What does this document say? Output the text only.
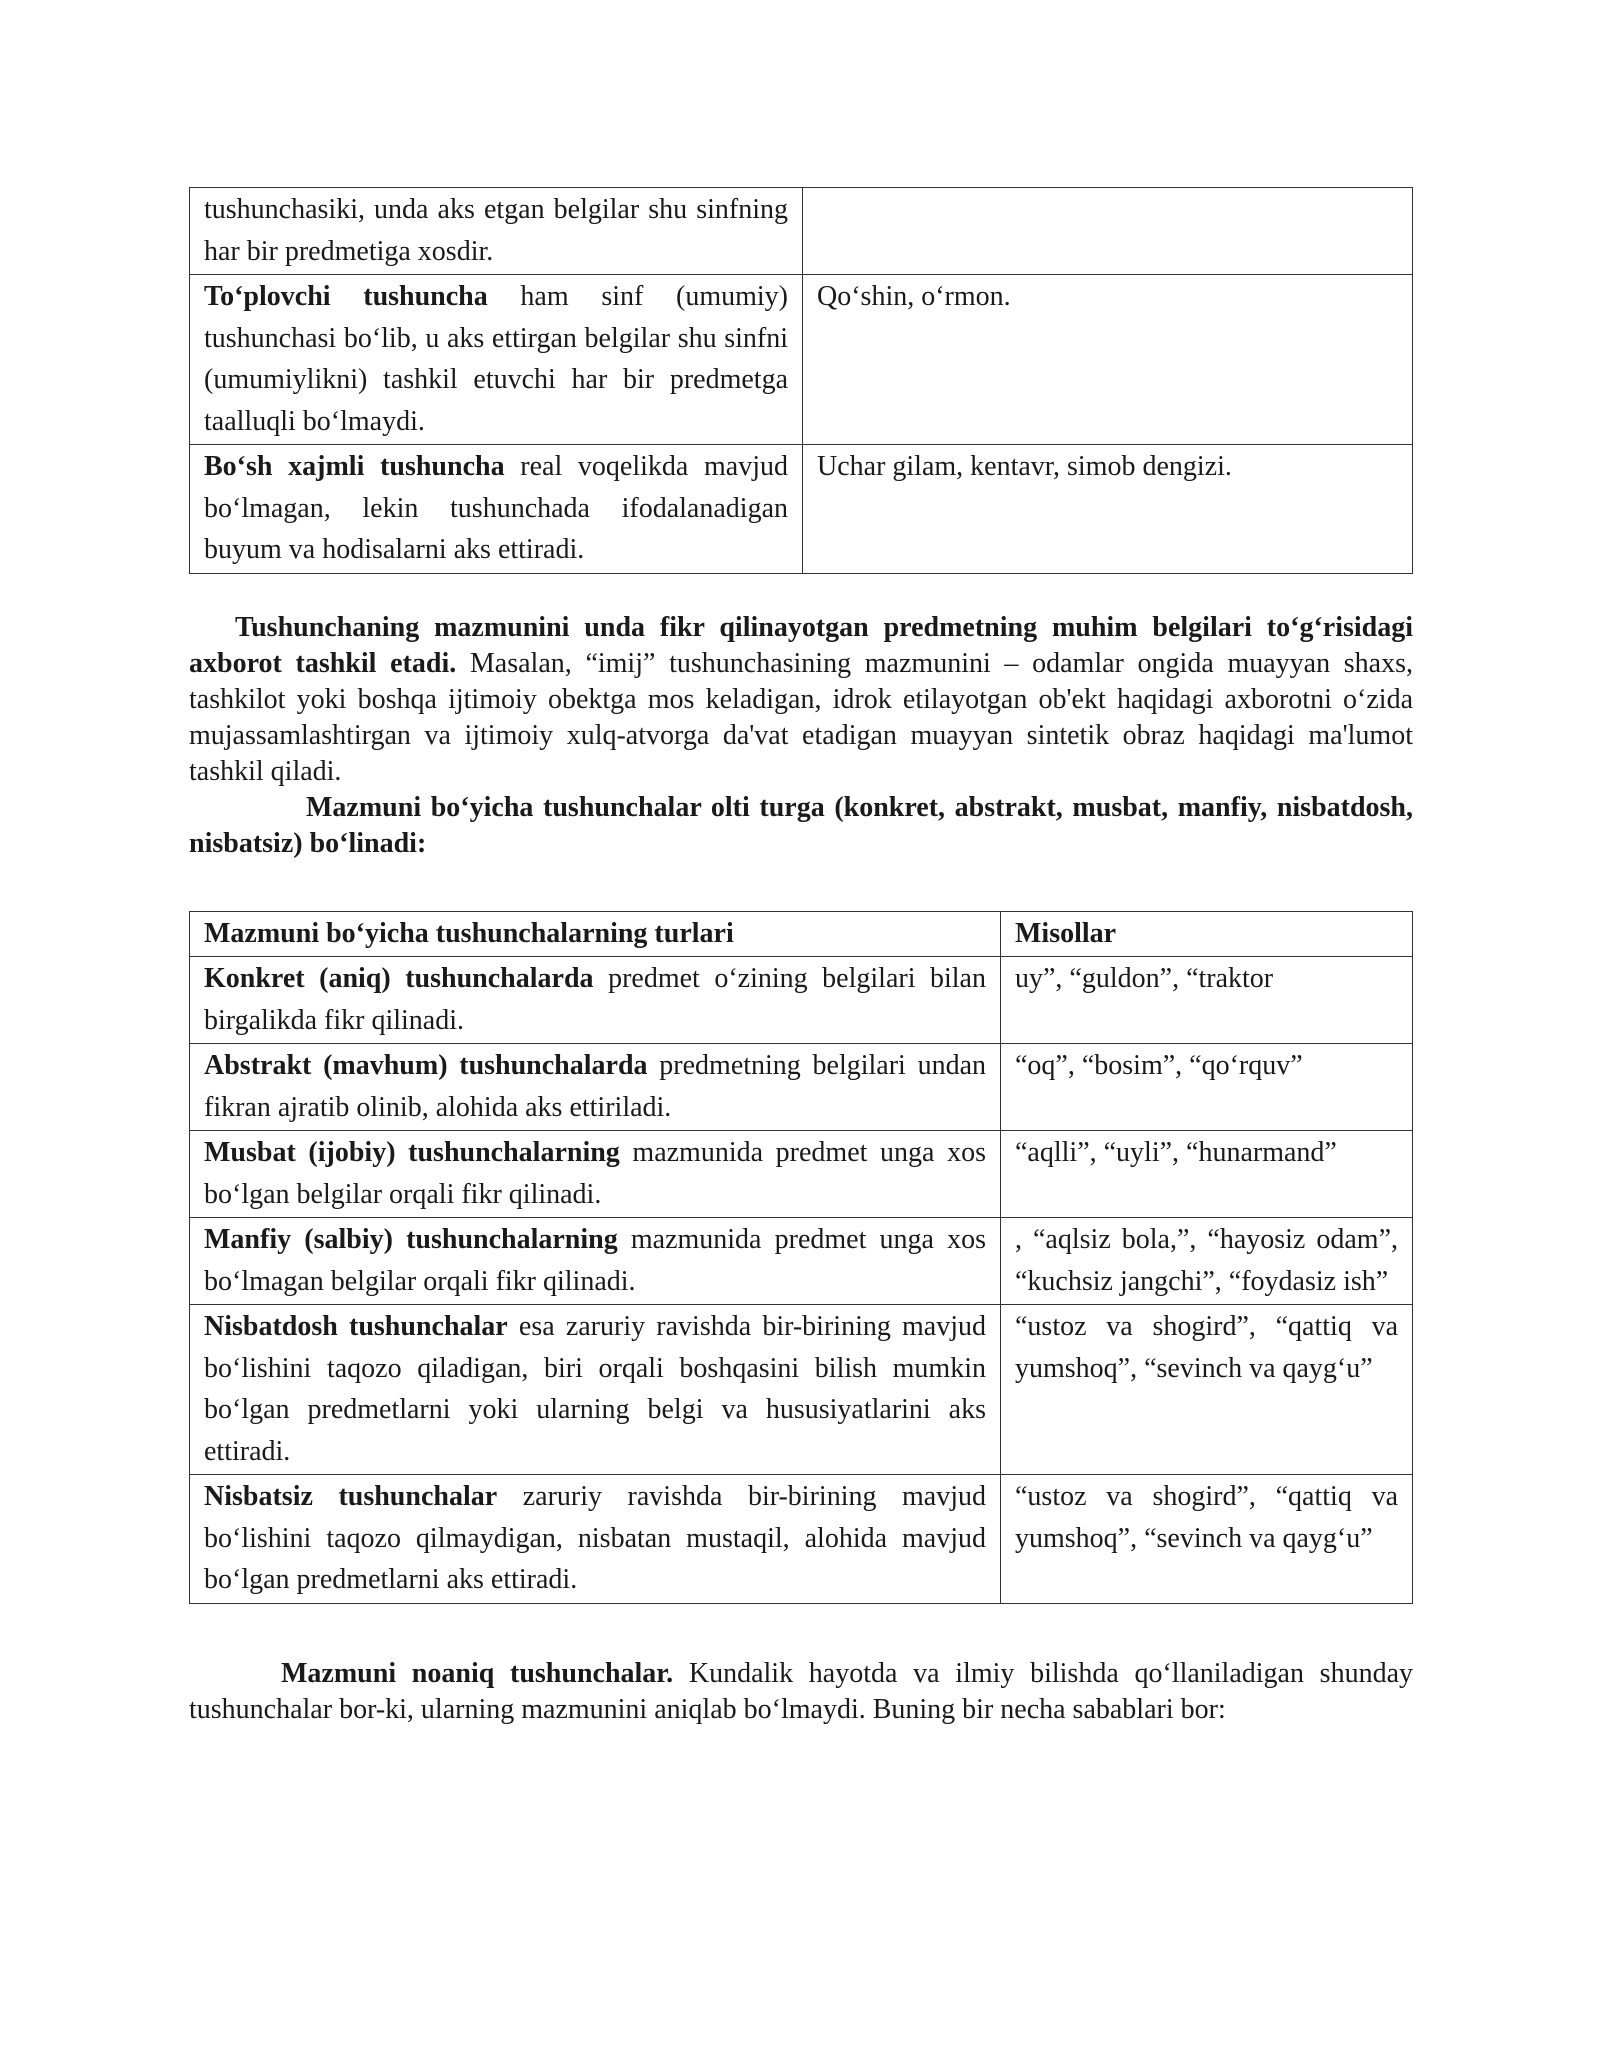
tushunchasiki, unda aks etgan belgilar shu sinfning har bir predmetiga xosdir.	
To‘plovchi tushuncha ham sinf (umumiy) tushunchasi bo‘lib, u aks ettirgan belgilar shu sinfni (umumiylikni) tashkil etuvchi har bir predmetga taalluqli bo‘lmaydi.	Qo‘shin, o‘rmon.
Bo‘sh xajmli tushuncha real voqelikda mavjud bo‘lmagan, lekin tushunchada ifodalanadigan buyum va hodisalarni aks ettiradi.	Uchar gilam, kentavr, simob dengizi.

Tushunchaning mazmunini unda fikr qilinayotgan predmetning muhim belgilari to‘g‘risidagi axborot tashkil etadi. Masalan, “imij” tushunchasining mazmunini – odamlar ongida muayyan shaxs, tashkilot yoki boshqa ijtimoiy obektga mos keladigan, idrok etilayotgan ob'ekt haqidagi axborotni o‘zida mujassamlashtirgan va ijtimoiy xulq-atvorga da'vat etadigan muayyan sintetik obraz haqidagi ma'lumot tashkil qiladi.

Mazmuni bo‘yicha tushunchalar olti turga (konkret, abstrakt, musbat, manfiy, nisbatdosh, nisbatsiz) bo‘linadi:

Mazmuni bo‘yicha tushunchalarning turlari	Misollar
Konkret (aniq) tushunchalarda predmet o‘zining belgilari bilan birgalikda fikr qilinadi.	uy”, “guldon”, “traktor
Abstrakt (mavhum) tushunchalarda predmetning belgilari undan fikran ajratib olinib, alohida aks ettiriladi.	“oq”, “bosim”, “qo‘rquv”
Musbat (ijobiy) tushunchalarning mazmunida predmet unga xos bo‘lgan belgilar orqali fikr qilinadi.	“aqlli”, “uyli”, “hunarmand”
Manfiy (salbiy) tushunchalarning mazmunida predmet unga xos bo‘lmagan belgilar orqali fikr qilinadi.	, “aqlsiz bola,”, “hayosiz odam”, “kuchsiz jangchi”, “foydasiz ish”
Nisbatdosh tushunchalar esa zaruriy ravishda bir-birining mavjud bo‘lishini taqozo qiladigan, biri orqali boshqasini bilish mumkin bo‘lgan predmetlarni yoki ularning belgi va hususiyatlarini aks ettiradi.	“ustoz va shogird”, “qattiq va yumshoq”, “sevinch va qayg‘u”
Nisbatsiz tushunchalar zaruriy ravishda bir-birining mavjud bo‘lishini taqozo qilmaydigan, nisbatan mustaqil, alohida mavjud bo‘lgan predmetlarni aks ettiradi.	“ustoz va shogird”, “qattiq va yumshoq”, “sevinch va qayg‘u”

Mazmuni noaniq tushunchalar. Kundalik hayotda va ilmiy bilishda qo‘llaniladigan shunday tushunchalar bor-ki, ularning mazmunini aniqlab bo‘lmaydi. Buning bir necha sabablari bor:
